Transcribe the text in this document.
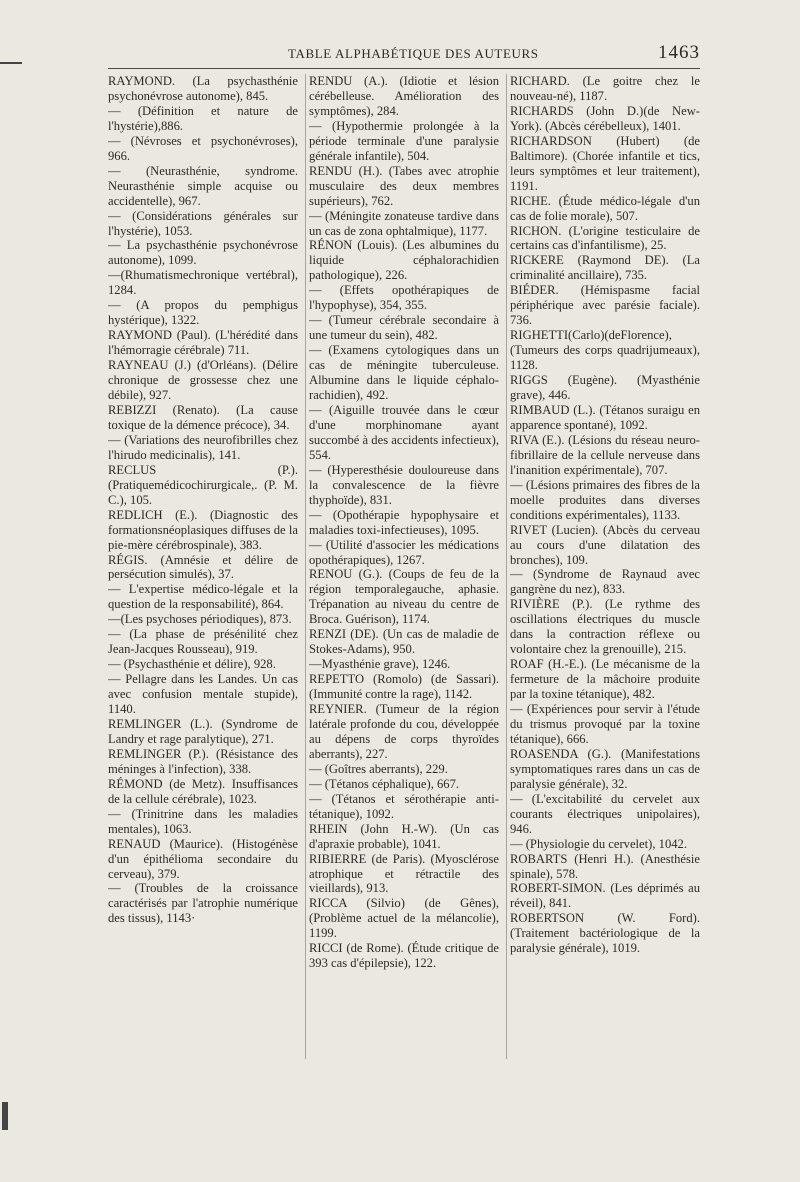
TABLE ALPHABÉTIQUE DES AUTEURS	1463

RAYMOND. (La psychasthénie psychonévrose autonome), 845.

— (Définition et nature de l'hystérie),886.

— (Névroses et psychonévroses), 966.

— (Neurasthénie, syndrome. Neurasthénie simple acquise ou accidentelle), 967.

— (Considérations générales sur l'hystérie), 1053.

— La psychasthénie psychonévrose autonome), 1099.

—(Rhumatismechronique vertébral), 1284.

— (A propos du pemphigus hystérique), 1322.

RAYMOND (Paul). (L'hérédité dans l'hémorragie cérébrale) 711.

RAYNEAU (J.) (d'Orléans). (Délire chronique de grossesse chez une débile), 927.

REBIZZI (Renato). (La cause toxique de la démence précoce), 34.

— (Variations des neurofibrilles chez l'hirudo medicinalis), 141.

RECLUS (P.). (Pratiquemédicochirurgicale,. (P. M. C.), 105.

REDLICH (E.). (Diagnostic des formationsnéoplasiques diffuses de la pie-mère cérébrospinale), 383.

RÉGIS. (Amnésie et délire de persécution simulés), 37.

— L'expertise médico-légale et la question de la responsabilité), 864.

—(Les psychoses périodiques), 873.

— (La phase de présénilité chez Jean-Jacques Rousseau), 919.

— (Psychasthénie et délire), 928.

— Pellagre dans les Landes. Un cas avec confusion mentale stupide), 1140.

REMLINGER (L.). (Syndrome de Landry et rage paralytique), 271.

REMLINGER (P.). (Résistance des méninges à l'infection), 338.

RÉMOND (de Metz). Insuffisances de la cellule cérébrale), 1023.

— (Trinitrine dans les maladies mentales), 1063.

RENAUD (Maurice). (Histogénèse d'un épithélioma secondaire du cerveau), 379.

— (Troubles de la croissance caractérisés par l'atrophie numérique des tissus), 1143·

RENDU (A.). (Idiotie et lésion cérébelleuse. Amélioration des symptômes), 284.

— (Hypothermie prolongée à la période terminale d'une paralysie générale infantile), 504.

RENDU (H.). (Tabes avec atrophie musculaire des deux membres supérieurs), 762.

— (Méningite zonateuse tardive dans un cas de zona ophtalmique), 1177.

RÉNON (Louis). (Les albumines du liquide céphalorachidien pathologique), 226.

— (Effets opothérapiques de l'hypophyse), 354, 355.

— (Tumeur cérébrale secondaire à une tumeur du sein), 482.

— (Examens cytologiques dans un cas de méningite tuberculeuse. Albumine dans le liquide céphalo-rachidien), 492.

— (Aiguille trouvée dans le cœur d'une morphinomane ayant succombé à des accidents infectieux), 554.

— (Hyperesthésie douloureuse dans la convalescence de la fièvre thyphoïde), 831.

— (Opothérapie hypophysaire et maladies toxi-infectieuses), 1095.

— (Utilité d'associer les médications opothérapiques), 1267.

RENOU (G.). (Coups de feu de la région temporalegauche, aphasie. Trépanation au niveau du centre de Broca. Guérison), 1174.

RENZI (DE). (Un cas de maladie de Stokes-Adams), 950.

—Myasthénie grave), 1246.

REPETTO (Romolo) (de Sassari). (Immunité contre la rage), 1142.

REYNIER. (Tumeur de la région latérale profonde du cou, développée au dépens de corps thyroïdes aberrants), 227.

— (Goîtres aberrants), 229.

— (Tétanos céphalique), 667.

— (Tétanos et sérothérapie anti-tétanique), 1092.

RHEIN (John H.-W). (Un cas d'apraxie probable), 1041.

RIBIERRE (de Paris). (Myosclérose atrophique et rétractile des vieillards), 913.

RICCA (Silvio) (de Gênes), (Problème actuel de la mélancolie), 1199.

RICCI (de Rome). (Étude critique de 393 cas d'épilepsie), 122.

RICHARD. (Le goitre chez le nouveau-né), 1187.

RICHARDS (John D.)(de New-York). (Abcès cérébelleux), 1401.

RICHARDSON (Hubert) (de Baltimore). (Chorée infantile et tics, leurs symptômes et leur traitement), 1191.

RICHE. (Étude médico-légale d'un cas de folie morale), 507.

RICHON. (L'origine testiculaire de certains cas d'infantilisme), 25.

RICKERE (Raymond DE). (La criminalité ancillaire), 735.

BIÉDER. (Hémispasme facial périphérique avec parésie faciale). 736.

RIGHETTI(Carlo)(deFlorence), (Tumeurs des corps quadrijumeaux), 1128.

RIGGS (Eugène). (Myasthénie grave), 446.

RIMBAUD (L.). (Tétanos suraigu en apparence spontané), 1092.

RIVA (E.). (Lésions du réseau neuro-fibrillaire de la cellule nerveuse dans l'inanition expérimentale), 707.

— (Lésions primaires des fibres de la moelle produites dans diverses conditions expérimentales), 1133.

RIVET (Lucien). (Abcès du cerveau au cours d'une dilatation des bronches), 109.

— (Syndrome de Raynaud avec gangrène du nez), 833.

RIVIÈRE (P.). (Le rythme des oscillations électriques du muscle dans la contraction réflexe ou volontaire chez la grenouille), 215.

ROAF (H.-E.). (Le mécanisme de la fermeture de la mâchoire produite par la toxine tétanique), 482.

— (Expériences pour servir à l'étude du trismus provoqué par la toxine tétanique), 666.

ROASENDA (G.). (Manifestations symptomatiques rares dans un cas de paralysie générale), 32.

— (L'excitabilité du cervelet aux courants électriques unipolaires), 946.

— (Physiologie du cervelet), 1042.

ROBARTS (Henri H.). (Anesthésie spinale), 578.

ROBERT-SIMON. (Les déprimés au réveil), 841.

ROBERTSON (W. Ford). (Traitement bactériologique de la paralysie générale), 1019.
